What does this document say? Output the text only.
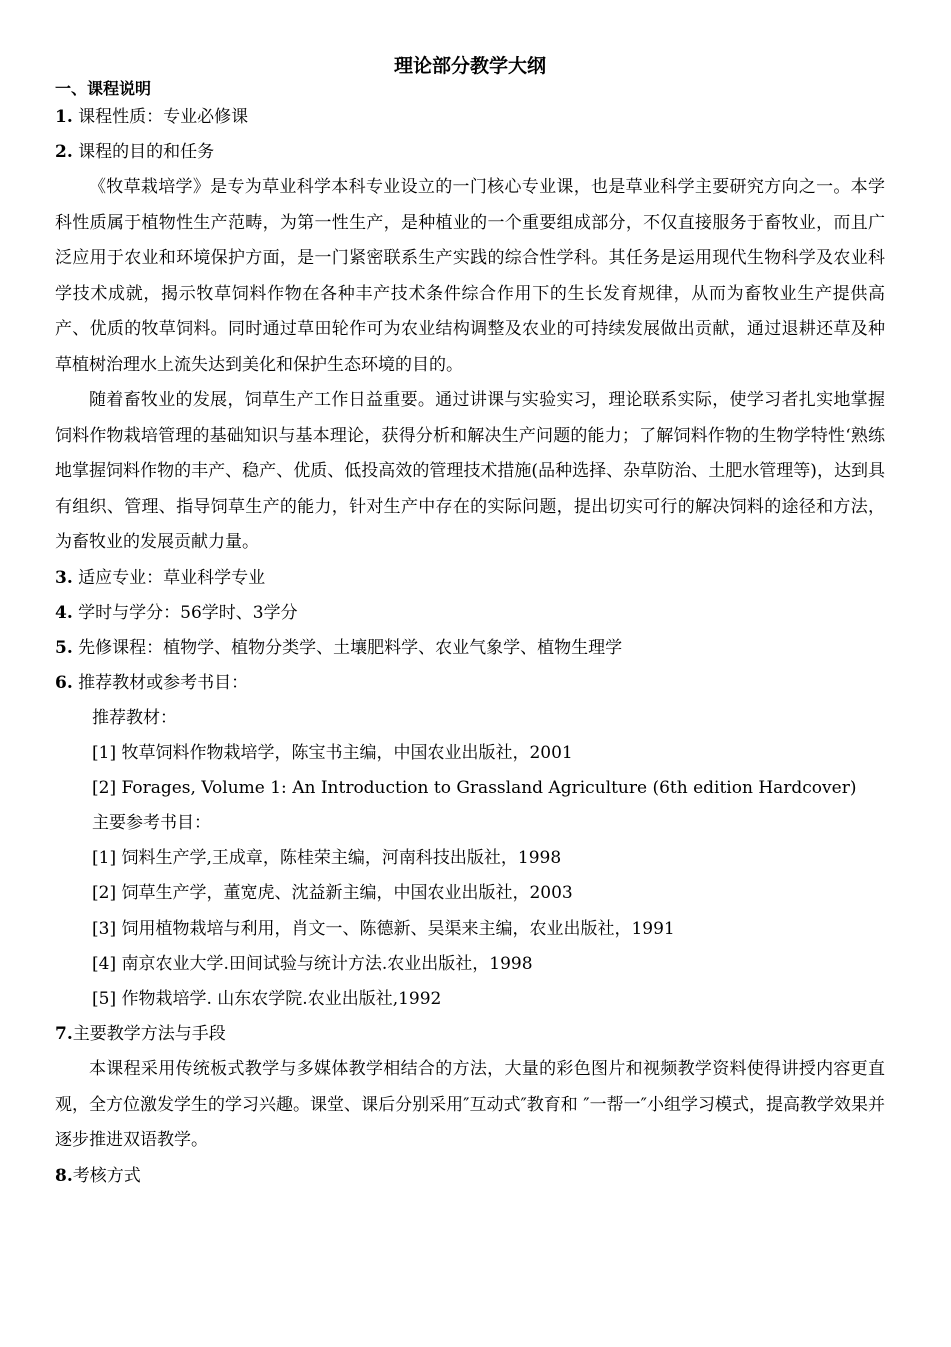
理论部分教学大纲
一、课程说明
1. 课程性质：专业必修课
2. 课程的目的和任务

《牧草栽培学》是专为草业科学本科专业设立的一门核心专业课，也是草业科学主要研究方向之一。本学科性质属于植物性生产范畴，为第一性生产，是种植业的一个重要组成部分，不仅直接服务于畜牧业，而且广泛应用于农业和环境保护方面，是一门紧密联系生产实践的综合性学科。其任务是运用现代生物科学及农业科学技术成就，揭示牧草饲料作物在各种丰产技术条件综合作用下的生长发育规律，从而为畜牧业生产提供高产、优质的牧草饲料。同时通过草田轮作可为农业结构调整及农业的可持续发展做出贡献，通过退耕还草及种草植树治理水上流失达到美化和保护生态环境的目的。

随着畜牧业的发展，饲草生产工作日益重要。通过讲课与实验实习，理论联系实际，使学习者扎实地掌握饲料作物栽培管理的基础知识与基本理论，获得分析和解决生产问题的能力；了解饲料作物的生物学特性‘熟练地掌握饲料作物的丰产、稳产、优质、低投高效的管理技术措施(品种选择、杂草防治、土肥水管理等)，达到具有组织、管理、指导饲草生产的能力，针对生产中存在的实际问题，提出切实可行的解决饲料的途径和方法，为畜牧业的发展贡献力量。

3. 适应专业：草业科学专业
4. 学时与学分：56学时、3学分
5. 先修课程：植物学、植物分类学、土壤肥料学、农业气象学、植物生理学
6. 推荐教材或参考书目：
推荐教材：
[1] 牧草饲料作物栽培学，陈宝书主编，中国农业出版社，2001
[2] Forages, Volume 1: An Introduction to Grassland Agriculture (6th edition Hardcover)
主要参考书目：
[1] 饲料生产学,王成章，陈桂荣主编，河南科技出版社，1998
[2] 饲草生产学，董宽虎、沈益新主编，中国农业出版社，2003
[3] 饲用植物栽培与利用，肖文一、陈德新、吴渠来主编，农业出版社，1991
[4] 南京农业大学.田间试验与统计方法.农业出版社，1998
[5] 作物栽培学. 山东农学院.农业出版社,1992
7.主要教学方法与手段

本课程采用传统板式教学与多媒体教学相结合的方法，大量的彩色图片和视频教学资料使得讲授内容更直观，全方位激发学生的学习兴趣。课堂、课后分别采用″互动式″教育和 ″一帮一″小组学习模式，提高教学效果并逐步推进双语教学。

8.考核方式
